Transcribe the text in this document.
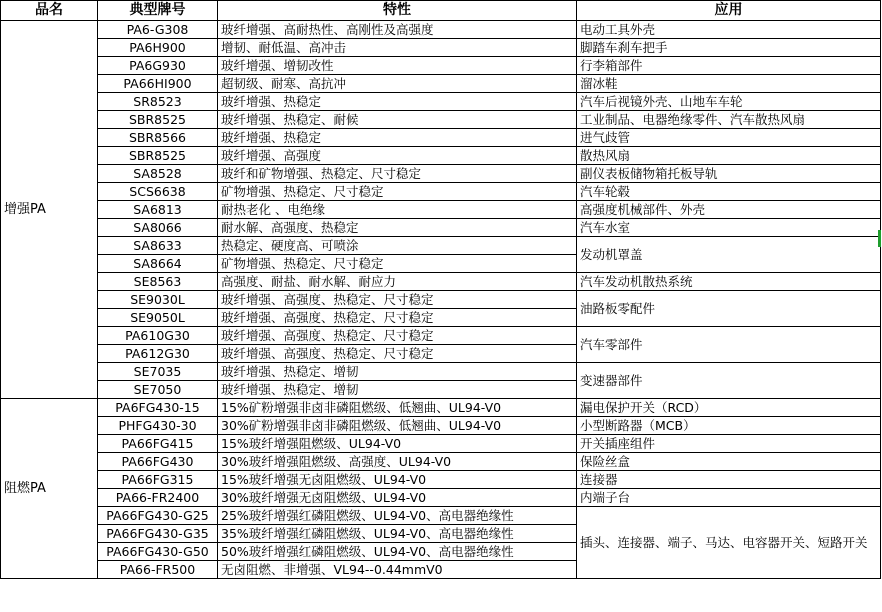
品名	典型牌号	特性	应用
增强PA	PA6-G308	玻纤增强、高耐热性、高刚性及高强度	电动工具外壳
	PA6H900	增韧、耐低温、高冲击	脚踏车刹车把手
	PA6G930	玻纤增强、增韧改性	行李箱部件
	PA66HI900	超韧级、耐寒、高抗冲	溜冰鞋
	SR8523	玻纤增强、热稳定	汽车后视镜外壳、山地车车轮
	SBR8525	玻纤增强、热稳定、耐候	工业制品、电器绝缘零件、汽车散热风扇
	SBR8566	玻纤增强、热稳定	进气歧管
	SBR8525	玻纤增强、高强度	散热风扇
	SA8528	玻纤和矿物增强、热稳定、尺寸稳定	副仪表板储物箱托板导轨
	SCS6638	矿物增强、热稳定、尺寸稳定	汽车轮毂
	SA6813	耐热老化 、电绝缘	高强度机械部件、外壳
	SA8066	耐水解、高强度、热稳定	汽车水室
	SA8633	热稳定、硬度高、可喷涂	发动机罩盖
	SA8664	矿物增强、热稳定、尺寸稳定	
	SE8563	高强度、耐盐、耐水解、耐应力	汽车发动机散热系统
	SE9030L	玻纤增强、高强度、热稳定、尺寸稳定	油路板零配件
	SE9050L	玻纤增强、高强度、热稳定、尺寸稳定	
	PA610G30	玻纤增强、高强度、热稳定、尺寸稳定	汽车零部件
	PA612G30	玻纤增强、高强度、热稳定、尺寸稳定	
	SE7035	玻纤增强、热稳定、增韧	变速器部件
	SE7050	玻纤增强、热稳定、增韧	
阻燃PA	PA6FG430-15	15%矿粉增强非卤非磷阻燃级、低翘曲、UL94-V0	漏电保护开关（RCD）
	PHFG430-30	30%矿粉增强非卤非磷阻燃级、低翘曲、UL94-V0	小型断路器（MCB）
	PA66FG415	15%玻纤增强阻燃级、UL94-V0	开关插座组件
	PA66FG430	30%玻纤增强阻燃级、高强度、UL94-V0	保险丝盒
	PA66FG315	15%玻纤增强无卤阻燃级、UL94-V0	连接器
	PA66-FR2400	30%玻纤增强无卤阻燃级、UL94-V0	内端子台
	PA66FG430-G25	25%玻纤增强红磷阻燃级、UL94-V0、高电器绝缘性	插头、连接器、端子、马达、电容器开关、短路开关
	PA66FG430-G35	35%玻纤增强红磷阻燃级、UL94-V0、高电器绝缘性	
	PA66FG430-G50	50%玻纤增强红磷阻燃级、UL94-V0、高电器绝缘性	
	PA66-FR500	无卤阻燃、非增强、VL94--0.44mmV0	
